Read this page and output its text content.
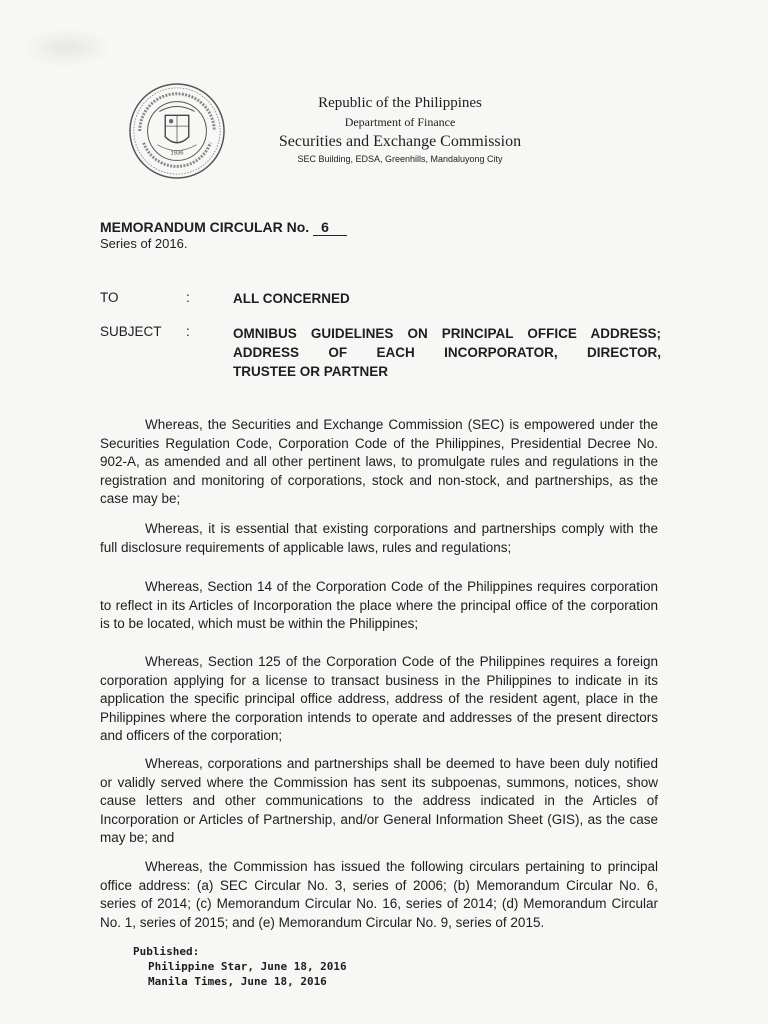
1936
Republic of the Philippines
Department of Finance
Securities and Exchange Commission
SEC Building, EDSA, Greenhills, Mandaluyong City
MEMORANDUM CIRCULAR No. 6
Series of 2016.
TO	:	ALL CONCERNED
SUBJECT :	OMNIBUS GUIDELINES ON PRINCIPAL OFFICE ADDRESS;
ADDRESS OF EACH INCORPORATOR, DIRECTOR,
TRUSTEE OR PARTNER

Whereas, the Securities and Exchange Commission (SEC) is empowered under the Securities Regulation Code, Corporation Code of the Philippines, Presidential Decree No. 902-A, as amended and all other pertinent laws, to promulgate rules and regulations in the registration and monitoring of corporations, stock and non-stock, and partnerships, as the case may be;

Whereas, it is essential that existing corporations and partnerships comply with the full disclosure requirements of applicable laws, rules and regulations;

Whereas, Section 14 of the Corporation Code of the Philippines requires corporation to reflect in its Articles of Incorporation the place where the principal office of the corporation is to be located, which must be within the Philippines;

Whereas, Section 125 of the Corporation Code of the Philippines requires a foreign corporation applying for a license to transact business in the Philippines to indicate in its application the specific principal office address, address of the resident agent, place in the Philippines where the corporation intends to operate and addresses of the present directors and officers of the corporation;

Whereas, corporations and partnerships shall be deemed to have been duly notified or validly served where the Commission has sent its subpoenas, summons, notices, show cause letters and other communications to the address indicated in the Articles of Incorporation or Articles of Partnership, and/or General Information Sheet (GIS), as the case may be; and

Whereas, the Commission has issued the following circulars pertaining to principal office address: (a) SEC Circular No. 3, series of 2006; (b) Memorandum Circular No. 6, series of 2014; (c) Memorandum Circular No. 16, series of 2014; (d) Memorandum Circular No. 1, series of 2015; and (e) Memorandum Circular No. 9, series of 2015.

Published:
Philippine Star, June 18, 2016
Manila Times, June 18, 2016
